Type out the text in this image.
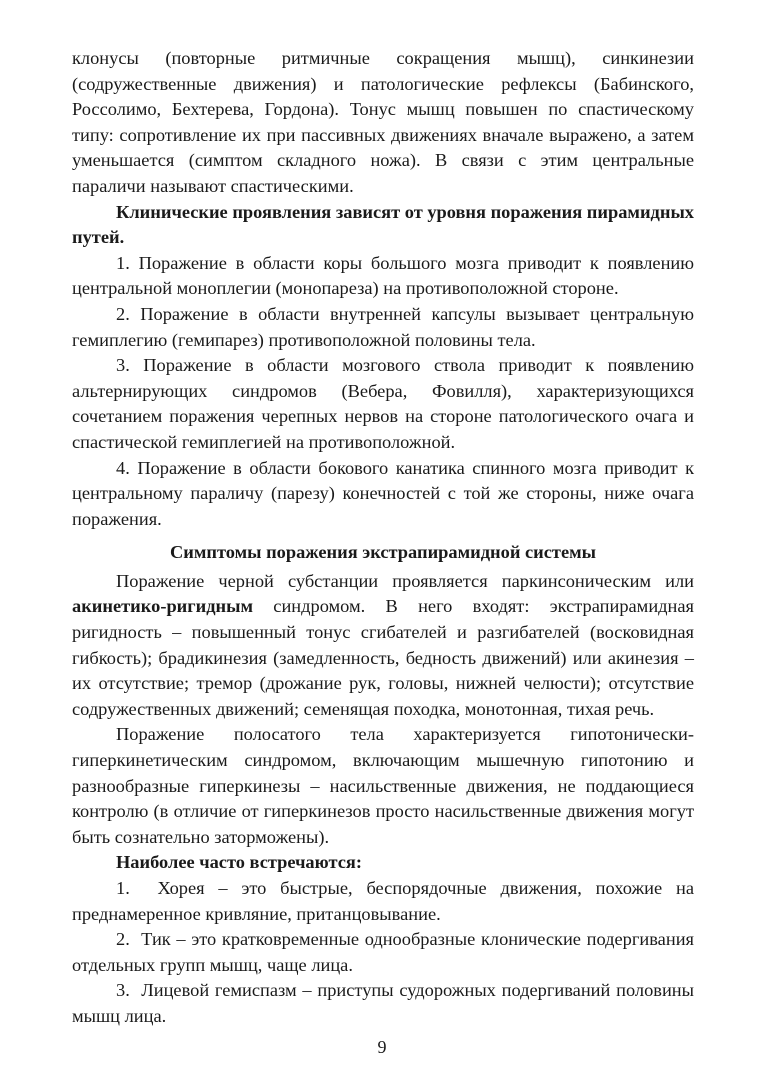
клонусы (повторные ритмичные сокращения мышц), синкинезии (содружественные движения) и патологические рефлексы (Бабинского, Россолимо, Бехтерева, Гордона). Тонус мышц повышен по спастическому типу: сопротивление их при пассивных движениях вначале выражено, а затем уменьшается (симптом складного ножа). В связи с этим центральные параличи называют спастическими.

Клинические проявления зависят от уровня поражения пирамидных путей.

1. Поражение в области коры большого мозга приводит к появлению центральной моноплегии (монопареза) на противоположной стороне.

2. Поражение в области внутренней капсулы вызывает центральную гемиплегию (гемипарез) противоположной половины тела.

3. Поражение в области мозгового ствола приводит к появлению альтернирующих синдромов (Вебера, Фовилля), характеризующихся сочетанием поражения черепных нервов на стороне патологического очага и спастической гемиплегией на противоположной.

4. Поражение в области бокового канатика спинного мозга приводит к центральному параличу (парезу) конечностей с той же стороны, ниже очага поражения.

Симптомы поражения экстрапирамидной системы

Поражение черной субстанции проявляется паркинсоническим или акинетико-ригидным синдромом. В него входят: экстрапирамидная ригидность – повышенный тонус сгибателей и разгибателей (восковидная гибкость); брадикинезия (замедленность, бедность движений) или акинезия – их отсутствие; тремор (дрожание рук, головы, нижней челюсти); отсутствие содружественных движений; семенящая походка, монотонная, тихая речь.

Поражение полосатого тела характеризуется гипотонически-гиперкинетическим синдромом, включающим мышечную гипотонию и разнообразные гиперкинезы – насильственные движения, не поддающиеся контролю (в отличие от гиперкинезов просто насильственные движения могут быть сознательно заторможены).

Наиболее часто встречаются:

1.  Хорея – это быстрые, беспорядочные движения, похожие на преднамеренное кривляние, пританцовывание.

2.  Тик – это кратковременные однообразные клонические подергивания отдельных групп мышц, чаще лица.

3.  Лицевой гемиспазм – приступы судорожных подергиваний половины мышц лица.

9
